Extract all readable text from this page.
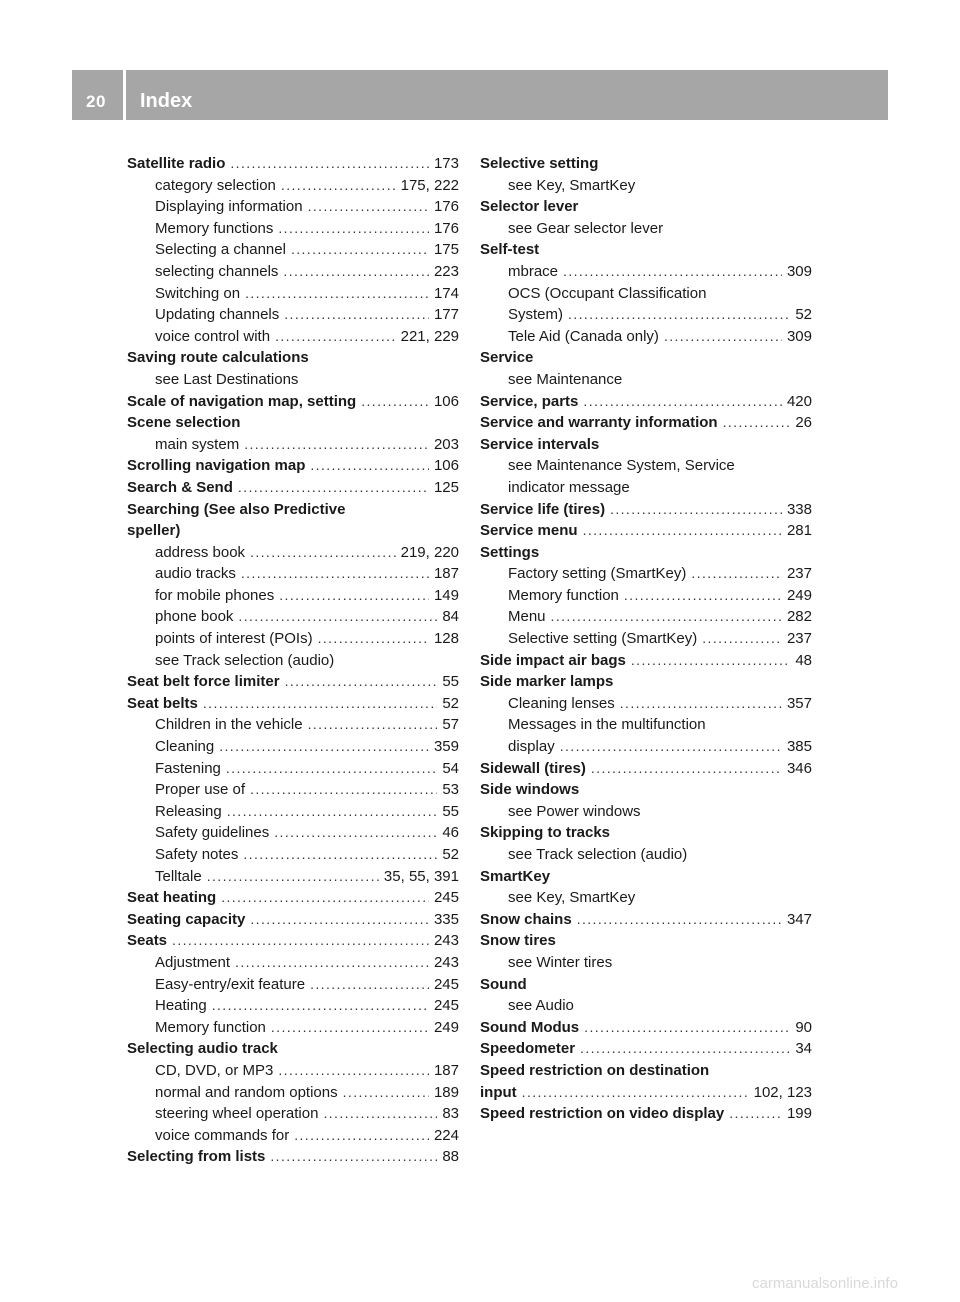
20 Index
Satellite radio .....	173
category selection .....	175, 222
Displaying information .....	176
Memory functions .....	176
Selecting a channel .....	175
selecting channels .....	223
Switching on .....	174
Updating channels .....	177
voice control with .....	221, 229
Saving route calculations
see Last Destinations
Scale of navigation map, setting .....	106
Scene selection
main system .....	203
Scrolling navigation map .....	106
Search & Send .....	125
Searching (See also Predictive
speller)
address book .....	219, 220
audio tracks .....	187
for mobile phones .....	149
phone book .....	84
points of interest (POIs) .....	128
see Track selection (audio)
Seat belt force limiter .....	55
Seat belts .....	52
Children in the vehicle .....	57
Cleaning .....	359
Fastening .....	54
Proper use of .....	53
Releasing .....	55
Safety guidelines .....	46
Safety notes .....	52
Telltale .....	35, 55, 391
Seat heating .....	245
Seating capacity .....	335
Seats .....	243
Adjustment .....	243
Easy-entry/exit feature .....	245
Heating .....	245
Memory function .....	249
Selecting audio track
CD, DVD, or MP3 .....	187
normal and random options .....	189
steering wheel operation .....	83
voice commands for .....	224
Selecting from lists .....	88
Selective setting
see Key, SmartKey
Selector lever
see Gear selector lever
Self-test
mbrace .....	309
OCS (Occupant Classification
System) .....	52
Tele Aid (Canada only) .....	309
Service
see Maintenance
Service, parts .....	420
Service and warranty information .....	26
Service intervals
see Maintenance System, Service
indicator message
Service life (tires) .....	338
Service menu .....	281
Settings
Factory setting (SmartKey) .....	237
Memory function .....	249
Menu .....	282
Selective setting (SmartKey) .....	237
Side impact air bags .....	48
Side marker lamps
Cleaning lenses .....	357
Messages in the multifunction
display .....	385
Sidewall (tires) .....	346
Side windows
see Power windows
Skipping to tracks
see Track selection (audio)
SmartKey
see Key, SmartKey
Snow chains .....	347
Snow tires
see Winter tires
Sound
see Audio
Sound Modus .....	90
Speedometer .....	34
Speed restriction on destination
input .....	102, 123
Speed restriction on video display .....	199
carmanualsonline.info
